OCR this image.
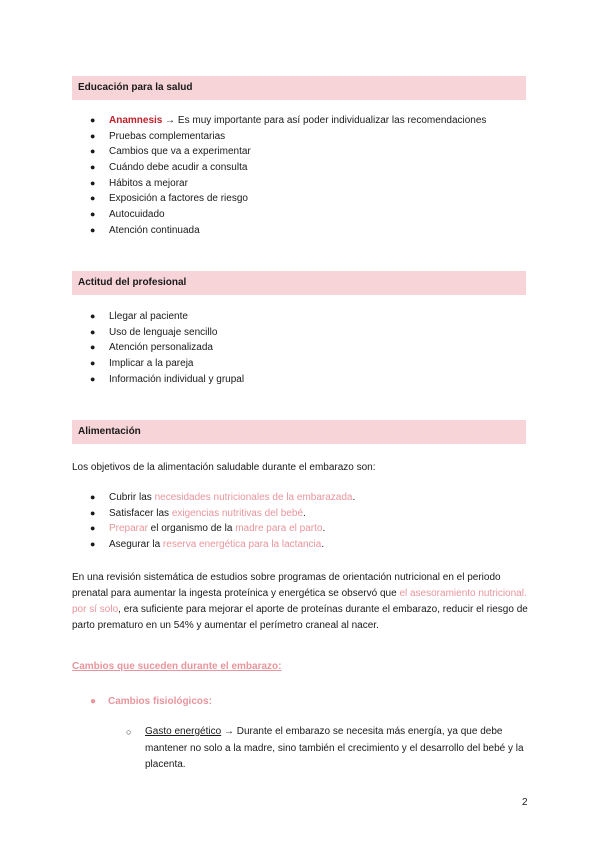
Educación para la salud
● Anamnesis → Es muy importante para así poder individualizar las recomendaciones
● Pruebas complementarias
● Cambios que va a experimentar
● Cuándo debe acudir a consulta
● Hábitos a mejorar
● Exposición a factores de riesgo
● Autocuidado
● Atención continuada
Actitud del profesional
● Llegar al paciente
● Uso de lenguaje sencillo
● Atención personalizada
● Implicar a la pareja
● Información individual y grupal
Alimentación
Los objetivos de la alimentación saludable durante el embarazo son:
● Cubrir las necesidades nutricionales de la embarazada.
● Satisfacer las exigencias nutritivas del bebé.
● Preparar el organismo de la madre para el parto.
● Asegurar la reserva energética para la lactancia.
En una revisión sistemática de estudios sobre programas de orientación nutricional en el periodo prenatal para aumentar la ingesta proteínica y energética se observó que el asesoramiento nutricional. por sí solo, era suficiente para mejorar el aporte de proteínas durante el embarazo, reducir el riesgo de parto prematuro en un 54% y aumentar el perímetro craneal al nacer.
Cambios que suceden durante el embarazo:
● Cambios fisiológicos:
○	Gasto energético → Durante el embarazo se necesita más energía, ya que debe mantener no solo a la madre, sino también el crecimiento y el desarrollo del bebé y la placenta.
2
